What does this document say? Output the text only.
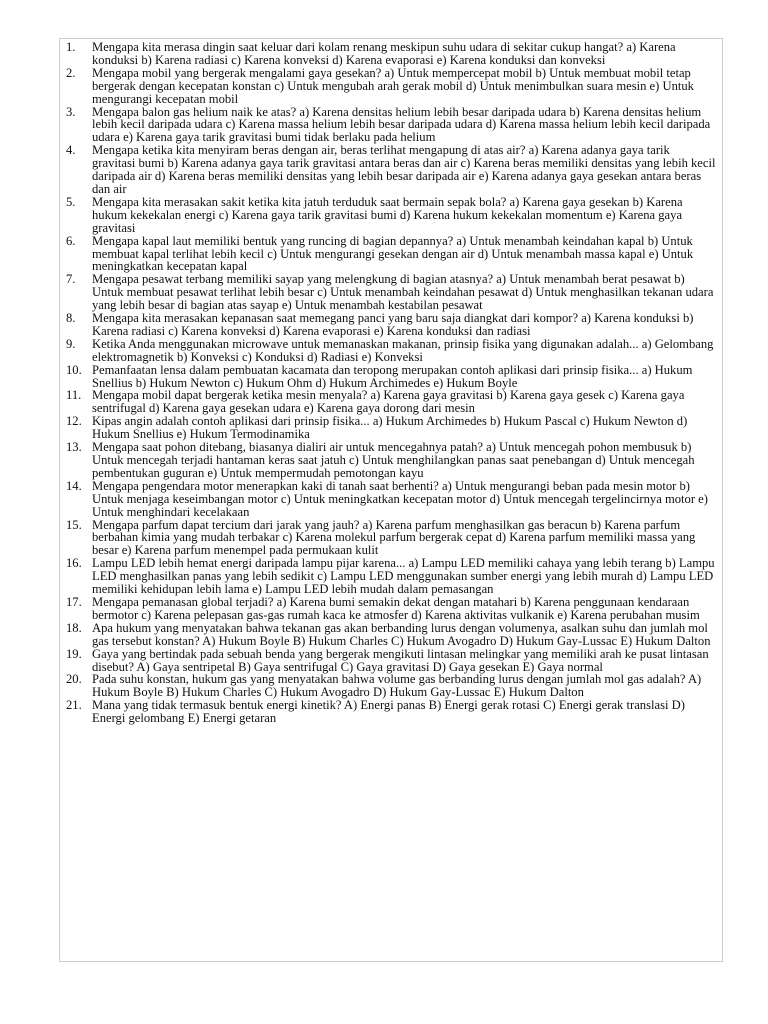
1.	Mengapa kita merasa dingin saat keluar dari kolam renang meskipun suhu udara di sekitar cukup hangat? a) Karena konduksi b) Karena radiasi c) Karena konveksi d) Karena evaporasi e) Karena konduksi dan konveksi
2.	Mengapa mobil yang bergerak mengalami gaya gesekan? a) Untuk mempercepat mobil b) Untuk membuat mobil tetap bergerak dengan kecepatan konstan c) Untuk mengubah arah gerak mobil d) Untuk menimbulkan suara mesin e) Untuk mengurangi kecepatan mobil
3.	Mengapa balon gas helium naik ke atas? a) Karena densitas helium lebih besar daripada udara b) Karena densitas helium lebih kecil daripada udara c) Karena massa helium lebih besar daripada udara d) Karena massa helium lebih kecil daripada udara e) Karena gaya tarik gravitasi bumi tidak berlaku pada helium
4.	Mengapa ketika kita menyiram beras dengan air, beras terlihat mengapung di atas air? a) Karena adanya gaya tarik gravitasi bumi b) Karena adanya gaya tarik gravitasi antara beras dan air c) Karena beras memiliki densitas yang lebih kecil daripada air d) Karena beras memiliki densitas yang lebih besar daripada air e) Karena adanya gaya gesekan antara beras dan air
5.	Mengapa kita merasakan sakit ketika kita jatuh terduduk saat bermain sepak bola? a) Karena gaya gesekan b) Karena hukum kekekalan energi c) Karena gaya tarik gravitasi bumi d) Karena hukum kekekalan momentum e) Karena gaya gravitasi
6.	Mengapa kapal laut memiliki bentuk yang runcing di bagian depannya? a) Untuk menambah keindahan kapal b) Untuk membuat kapal terlihat lebih kecil c) Untuk mengurangi gesekan dengan air d) Untuk menambah massa kapal e) Untuk meningkatkan kecepatan kapal
7.	Mengapa pesawat terbang memiliki sayap yang melengkung di bagian atasnya? a) Untuk menambah berat pesawat b) Untuk membuat pesawat terlihat lebih besar c) Untuk menambah keindahan pesawat d) Untuk menghasilkan tekanan udara yang lebih besar di bagian atas sayap e) Untuk menambah kestabilan pesawat
8.	Mengapa kita merasakan kepanasan saat memegang panci yang baru saja diangkat dari kompor? a) Karena konduksi b) Karena radiasi c) Karena konveksi d) Karena evaporasi e) Karena konduksi dan radiasi
9.	Ketika Anda menggunakan microwave untuk memanaskan makanan, prinsip fisika yang digunakan adalah... a) Gelombang elektromagnetik b) Konveksi c) Konduksi d) Radiasi e) Konveksi
10. Pemanfaatan lensa dalam pembuatan kacamata dan teropong merupakan contoh aplikasi dari prinsip fisika... a) Hukum Snellius b) Hukum Newton c) Hukum Ohm d) Hukum Archimedes e) Hukum Boyle
11. Mengapa mobil dapat bergerak ketika mesin menyala? a) Karena gaya gravitasi b) Karena gaya gesek c) Karena gaya sentrifugal d) Karena gaya gesekan udara e) Karena gaya dorong dari mesin
12. Kipas angin adalah contoh aplikasi dari prinsip fisika... a) Hukum Archimedes b) Hukum Pascal c) Hukum Newton d) Hukum Snellius e) Hukum Termodinamika
13. Mengapa saat pohon ditebang, biasanya dialiri air untuk mencegahnya patah? a) Untuk mencegah pohon membusuk b) Untuk mencegah terjadi hantaman keras saat jatuh c) Untuk menghilangkan panas saat penebangan d) Untuk mencegah pembentukan guguran e) Untuk mempermudah pemotongan kayu
14. Mengapa pengendara motor menerapkan kaki di tanah saat berhenti? a) Untuk mengurangi beban pada mesin motor b) Untuk menjaga keseimbangan motor c) Untuk meningkatkan kecepatan motor d) Untuk mencegah tergelincirnya motor e) Untuk menghindari kecelakaan
15. Mengapa parfum dapat tercium dari jarak yang jauh? a) Karena parfum menghasilkan gas beracun b) Karena parfum berbahan kimia yang mudah terbakar c) Karena molekul parfum bergerak cepat d) Karena parfum memiliki massa yang besar e) Karena parfum menempel pada permukaan kulit
16. Lampu LED lebih hemat energi daripada lampu pijar karena... a) Lampu LED memiliki cahaya yang lebih terang b) Lampu LED menghasilkan panas yang lebih sedikit c) Lampu LED menggunakan sumber energi yang lebih murah d) Lampu LED memiliki kehidupan lebih lama e) Lampu LED lebih mudah dalam pemasangan
17. Mengapa pemanasan global terjadi? a) Karena bumi semakin dekat dengan matahari b) Karena penggunaan kendaraan bermotor c) Karena pelepasan gas-gas rumah kaca ke atmosfer d) Karena aktivitas vulkanik e) Karena perubahan musim
18. Apa hukum yang menyatakan bahwa tekanan gas akan berbanding lurus dengan volumenya, asalkan suhu dan jumlah mol gas tersebut konstan? A) Hukum Boyle B) Hukum Charles C) Hukum Avogadro D) Hukum Gay-Lussac E) Hukum Dalton
19. Gaya yang bertindak pada sebuah benda yang bergerak mengikuti lintasan melingkar yang memiliki arah ke pusat lintasan disebut? A) Gaya sentripetal B) Gaya sentrifugal C) Gaya gravitasi D) Gaya gesekan E) Gaya normal
20. Pada suhu konstan, hukum gas yang menyatakan bahwa volume gas berbanding lurus dengan jumlah mol gas adalah? A) Hukum Boyle B) Hukum Charles C) Hukum Avogadro D) Hukum Gay-Lussac E) Hukum Dalton
21. Mana yang tidak termasuk bentuk energi kinetik? A) Energi panas B) Energi gerak rotasi C) Energi gerak translasi D) Energi gelombang E) Energi getaran
